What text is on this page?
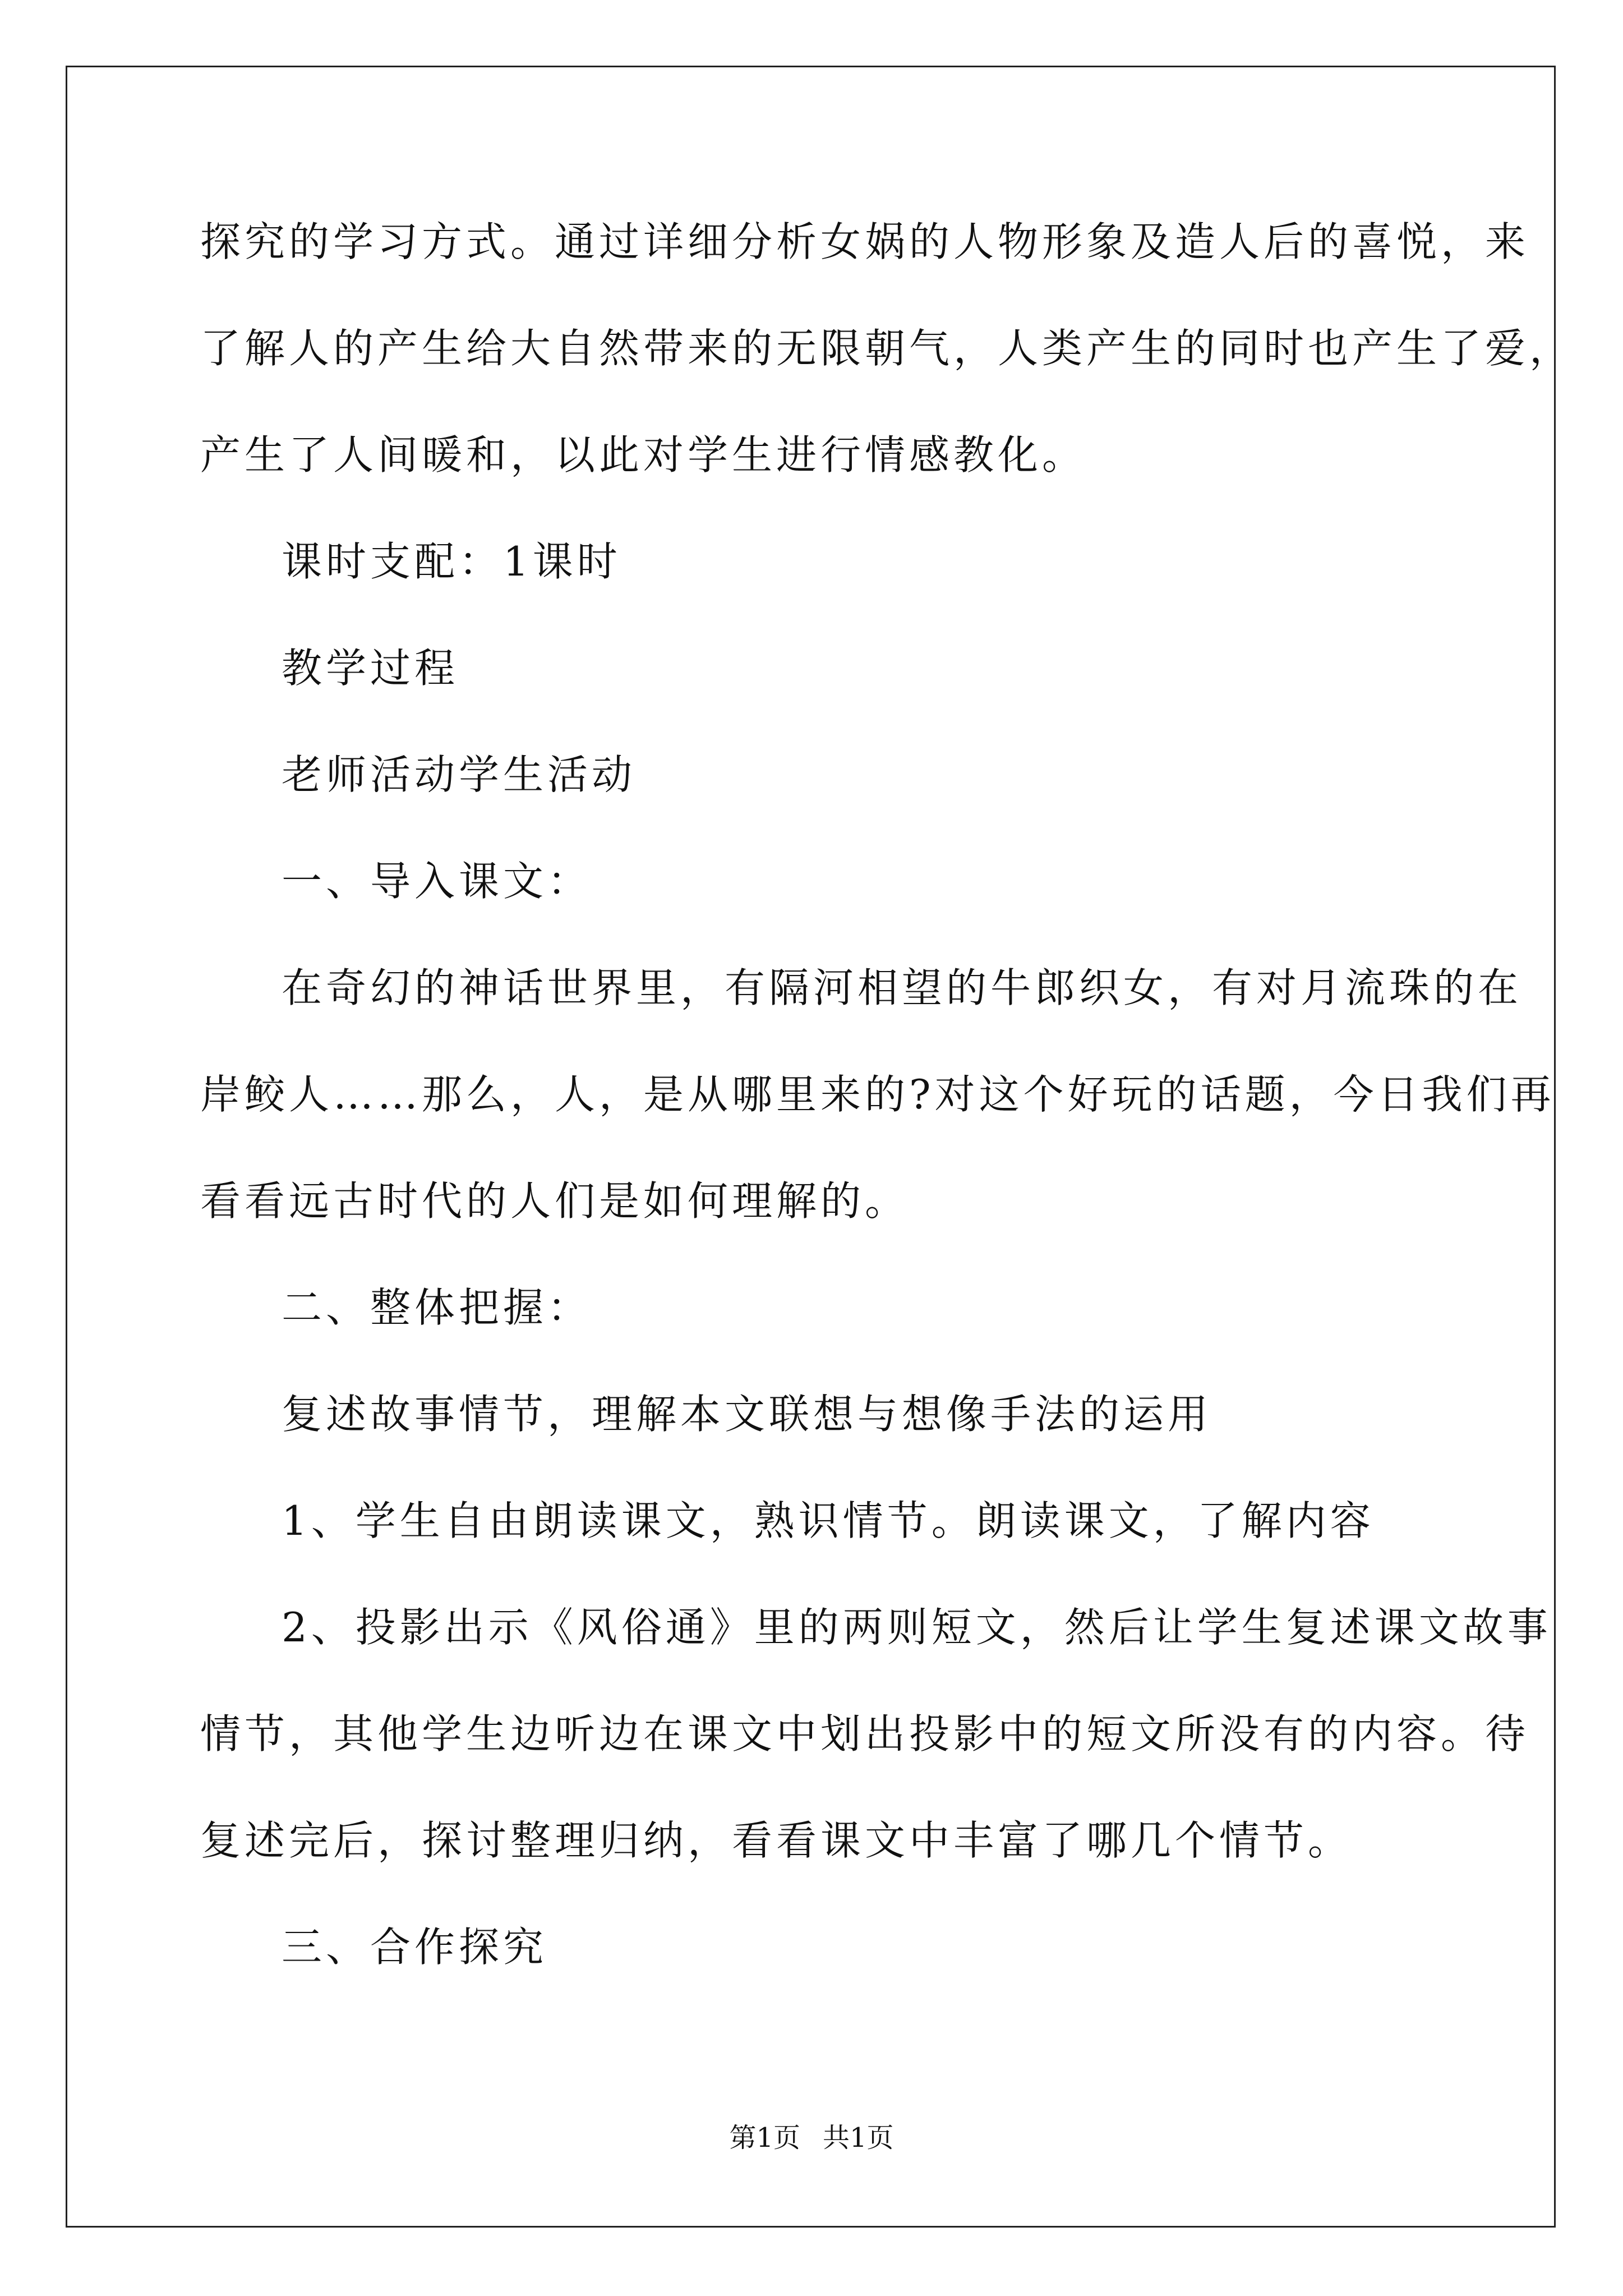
探究的学习方式。通过详细分析女娲的人物形象及造人后的喜悦，来
了解人的产生给大自然带来的无限朝气，人类产生的同时也产生了爱，
产生了人间暖和，以此对学生进行情感教化。
课时支配：1课时
教学过程
老师活动学生活动
一、导入课文：
在奇幻的神话世界里，有隔河相望的牛郎织女，有对月流珠的在
岸鲛人……那么，人，是从哪里来的?对这个好玩的话题，今日我们再
看看远古时代的人们是如何理解的。
二、整体把握：
复述故事情节，理解本文联想与想像手法的运用
1、学生自由朗读课文，熟识情节。朗读课文，了解内容
2、投影出示《风俗通》里的两则短文，然后让学生复述课文故事
情节，其他学生边听边在课文中划出投影中的短文所没有的内容。待
复述完后，探讨整理归纳，看看课文中丰富了哪几个情节。
三、合作探究
第1页 共1页
